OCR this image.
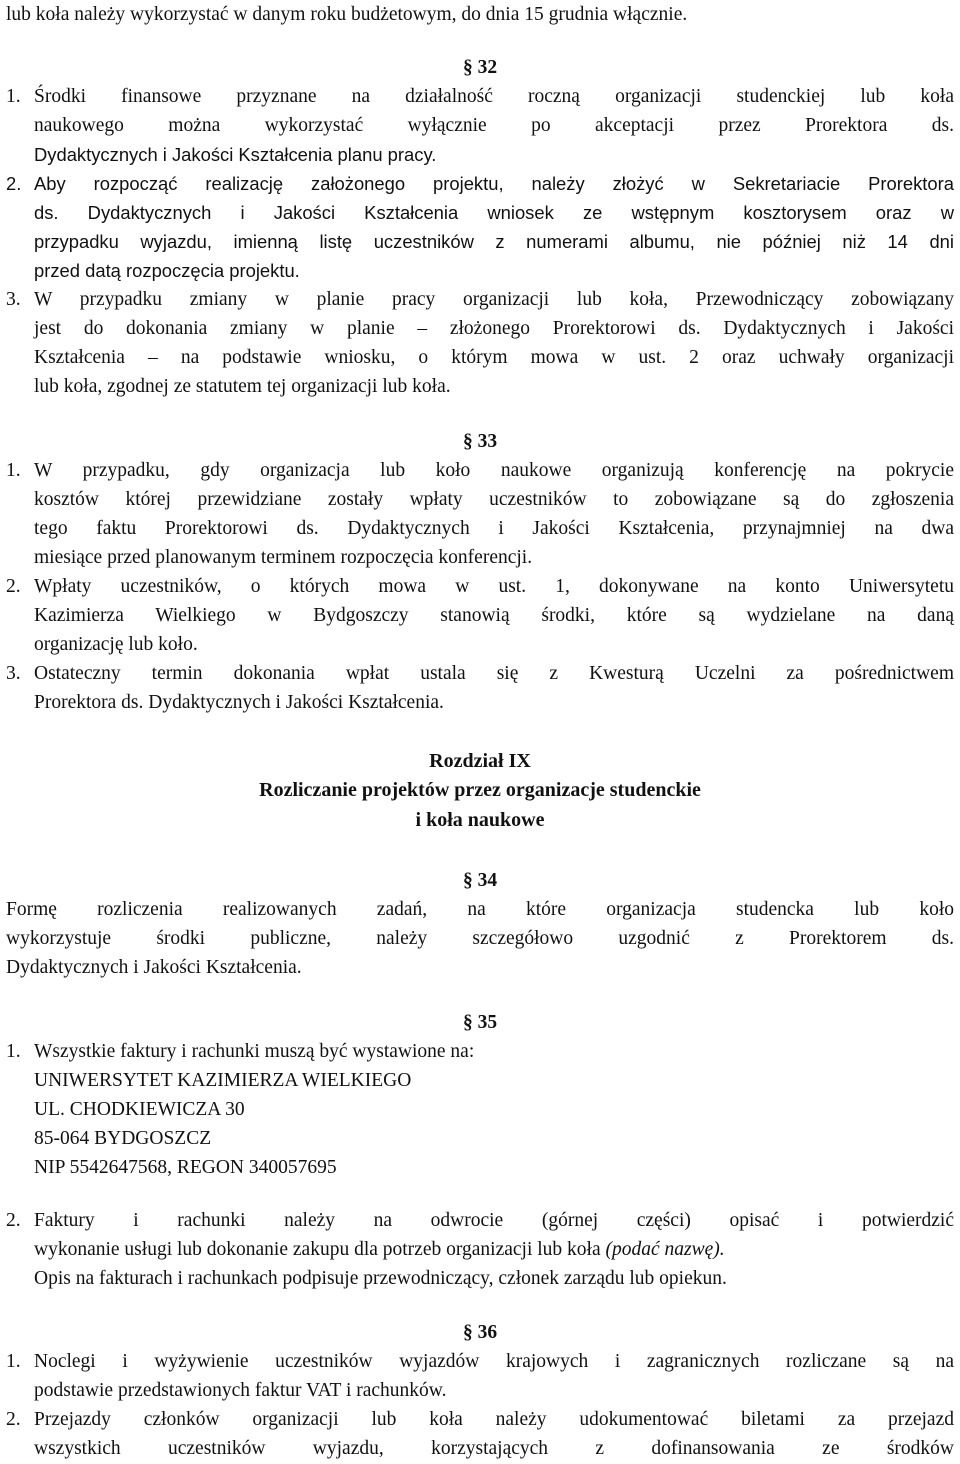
lub koła należy wykorzystać w danym roku budżetowym, do dnia 15 grudnia włącznie.
§ 32
1. Środki finansowe przyznane na działalność roczną organizacji studenckiej lub koła
naukowego można wykorzystać wyłącznie po akceptacji przez Prorektora ds.
Dydaktycznych i Jakości Kształcenia planu pracy.
2. Aby rozpocząć realizację założonego projektu, należy złożyć w Sekretariacie Prorektora
ds. Dydaktycznych i Jakości Kształcenia wniosek ze wstępnym kosztorysem oraz w
przypadku wyjazdu, imienną listę uczestników z numerami albumu, nie później niż 14 dni
przed datą rozpoczęcia projektu.
3. W przypadku zmiany w planie pracy organizacji lub koła, Przewodniczący zobowiązany
jest do dokonania zmiany w planie – złożonego Prorektorowi ds. Dydaktycznych i Jakości
Kształcenia – na podstawie wniosku, o którym mowa w ust. 2 oraz uchwały organizacji
lub koła, zgodnej ze statutem tej organizacji lub koła.
§ 33
1. W przypadku, gdy organizacja lub koło naukowe organizują konferencję na pokrycie
kosztów której przewidziane zostały wpłaty uczestników to zobowiązane są do zgłoszenia
tego faktu Prorektorowi ds. Dydaktycznych i Jakości Kształcenia, przynajmniej na dwa
miesiące przed planowanym terminem rozpoczęcia konferencji.
2. Wpłaty uczestników, o których mowa w ust. 1, dokonywane na konto Uniwersytetu
Kazimierza Wielkiego w Bydgoszczy stanowią środki, które są wydzielane na daną
organizację lub koło.
3. Ostateczny termin dokonania wpłat ustala się z Kwesturą Uczelni za pośrednictwem
Prorektora ds. Dydaktycznych i Jakości Kształcenia.
Rozdział IX
Rozliczanie projektów przez organizacje studenckie
i koła naukowe
§ 34
Formę rozliczenia realizowanych zadań, na które organizacja studencka lub koło
wykorzystuje środki publiczne, należy szczegółowo uzgodnić z Prorektorem ds.
Dydaktycznych i Jakości Kształcenia.
§ 35
1. Wszystkie faktury i rachunki muszą być wystawione na:
UNIWERSYTET KAZIMIERZA WIELKIEGO
UL. CHODKIEWICZA 30
85-064 BYDGOSZCZ
NIP 5542647568, REGON 340057695
2. Faktury i rachunki należy na odwrocie (górnej części) opisać i potwierdzić
wykonanie usługi lub dokonanie zakupu dla potrzeb organizacji lub koła (podać nazwę).
Opis na fakturach i rachunkach podpisuje przewodniczący, członek zarządu lub opiekun.
§ 36
1. Noclegi i wyżywienie uczestników wyjazdów krajowych i zagranicznych rozliczane są na
podstawie przedstawionych faktur VAT i rachunków.
2. Przejazdy członków organizacji lub koła należy udokumentować biletami za przejazd
wszystkich uczestników wyjazdu, korzystających z dofinansowania ze środków
